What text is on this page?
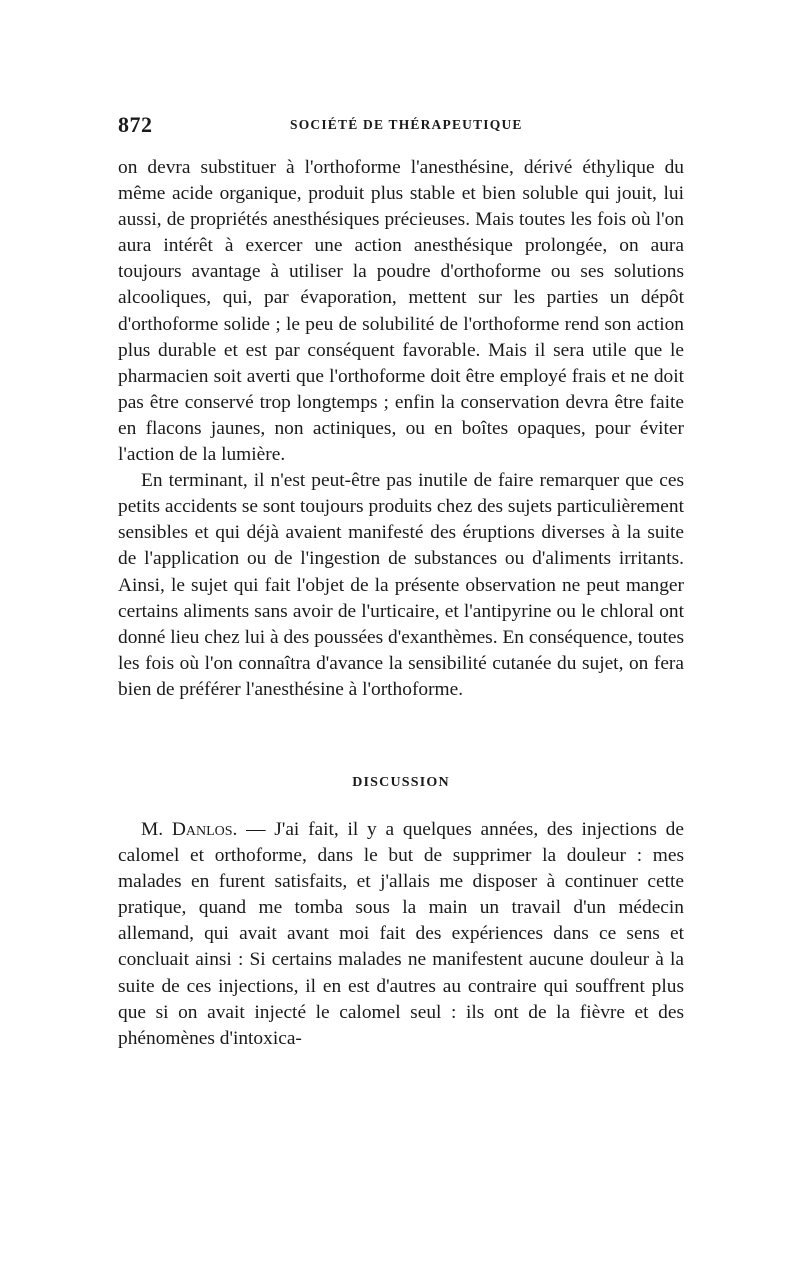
872	SOCIÉTÉ DE THÉRAPEUTIQUE

on devra substituer à l'orthoforme l'anesthésine, dérivé éthylique du même acide organique, produit plus stable et bien soluble qui jouit, lui aussi, de propriétés anesthésiques précieuses. Mais toutes les fois où l'on aura intérêt à exercer une action anesthésique prolongée, on aura toujours avantage à utiliser la poudre d'orthoforme ou ses solutions alcooliques, qui, par évaporation, mettent sur les parties un dépôt d'orthoforme solide ; le peu de solubilité de l'orthoforme rend son action plus durable et est par conséquent favorable. Mais il sera utile que le pharmacien soit averti que l'orthoforme doit être employé frais et ne doit pas être conservé trop longtemps ; enfin la conservation devra être faite en flacons jaunes, non actiniques, ou en boîtes opaques, pour éviter l'action de la lumière.

En terminant, il n'est peut-être pas inutile de faire remarquer que ces petits accidents se sont toujours produits chez des sujets particulièrement sensibles et qui déjà avaient manifesté des éruptions diverses à la suite de l'application ou de l'ingestion de substances ou d'aliments irritants. Ainsi, le sujet qui fait l'objet de la présente observation ne peut manger certains aliments sans avoir de l'urticaire, et l'antipyrine ou le chloral ont donné lieu chez lui à des poussées d'exanthèmes. En conséquence, toutes les fois où l'on connaîtra d'avance la sensibilité cutanée du sujet, on fera bien de préférer l'anesthésine à l'orthoforme.

DISCUSSION

M. Danlos. — J'ai fait, il y a quelques années, des injections de calomel et orthoforme, dans le but de supprimer la douleur : mes malades en furent satisfaits, et j'allais me disposer à continuer cette pratique, quand me tomba sous la main un travail d'un médecin allemand, qui avait avant moi fait des expériences dans ce sens et concluait ainsi : Si certains malades ne manifestent aucune douleur à la suite de ces injections, il en est d'autres au contraire qui souffrent plus que si on avait injecté le calomel seul : ils ont de la fièvre et des phénomènes d'intoxica-
